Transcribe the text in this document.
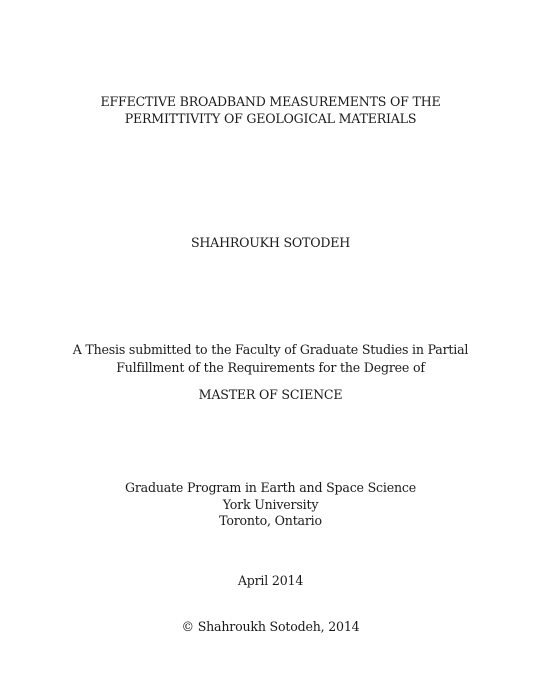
EFFECTIVE BROADBAND MEASUREMENTS OF THE
PERMITTIVITY OF GEOLOGICAL MATERIALS
SHAHROUKH SOTODEH
A Thesis submitted to the Faculty of Graduate Studies in Partial
Fulfillment of the Requirements for the Degree of
MASTER OF SCIENCE
Graduate Program in Earth and Space Science
York University
Toronto, Ontario
April 2014
© Shahroukh Sotodeh, 2014
